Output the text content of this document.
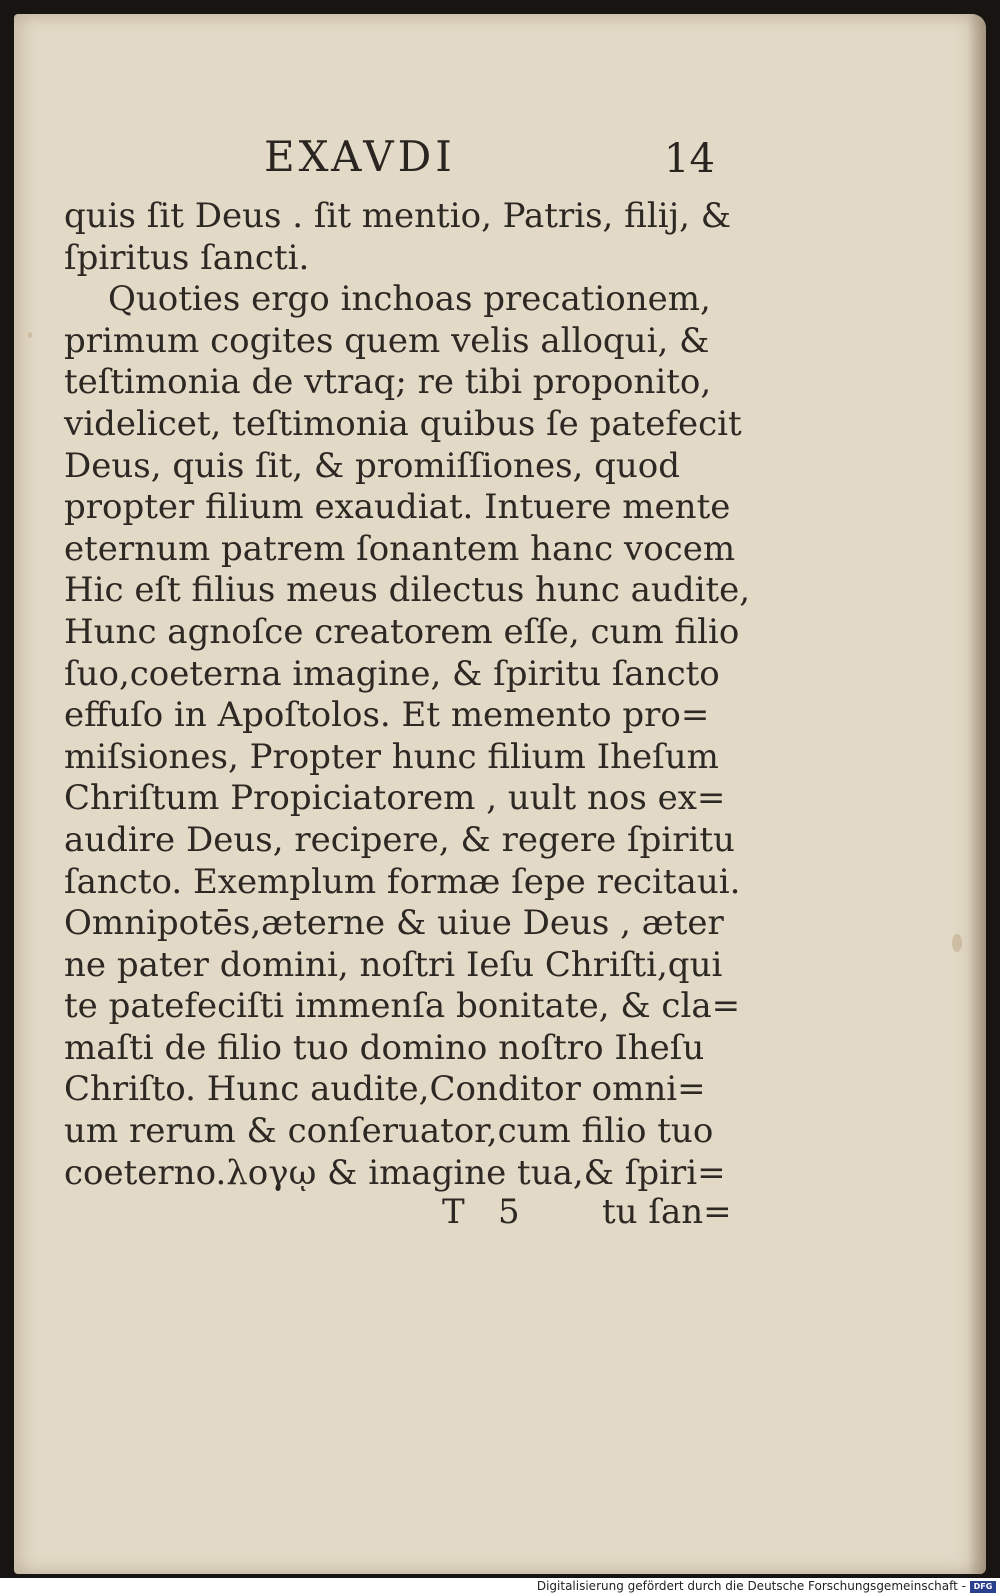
EXAVDI	14
quis ſit Deus . ſit mentio, Patris, filij, &
ſpiritus ſancti.
Quoties ergo inchoas precationem,
primum cogites quem velis alloqui, &
teſtimonia de vtraq; re tibi proponito,
videlicet, teſtimonia quibus ſe patefecit
Deus, quis ſit, & promiſſiones, quod
propter filium exaudiat. Intuere mente
eternum patrem ſonantem hanc vocem
Hic eſt filius meus dilectus hunc audite,
Hunc agnoſce creatorem eſſe, cum filio
ſuo,coeterna imagine, & ſpiritu ſancto
effuſo in Apoſtolos. Et memento pro=
miſsiones, Propter hunc filium Iheſum
Chriſtum Propiciatorem , uult nos ex=
audire Deus, recipere, & regere ſpiritu
ſancto. Exemplum formæ ſepe recitaui.
Omnipotēs,æterne & uiue Deus , æter
ne pater domini, noſtri Ieſu Chriſti,qui
te patefeciſti immenſa bonitate, & cla=
maſti de filio tuo domino noſtro Iheſu
Chriſto. Hunc audite,Conditor omni=
um rerum & conſeruator,cum filio tuo
coeterno.λογῳ & imagine tua,& ſpiri=
T 5 tu ſan=
Digitalisierung gefördert durch die Deutsche Forschungsgemeinschaft - DFG
